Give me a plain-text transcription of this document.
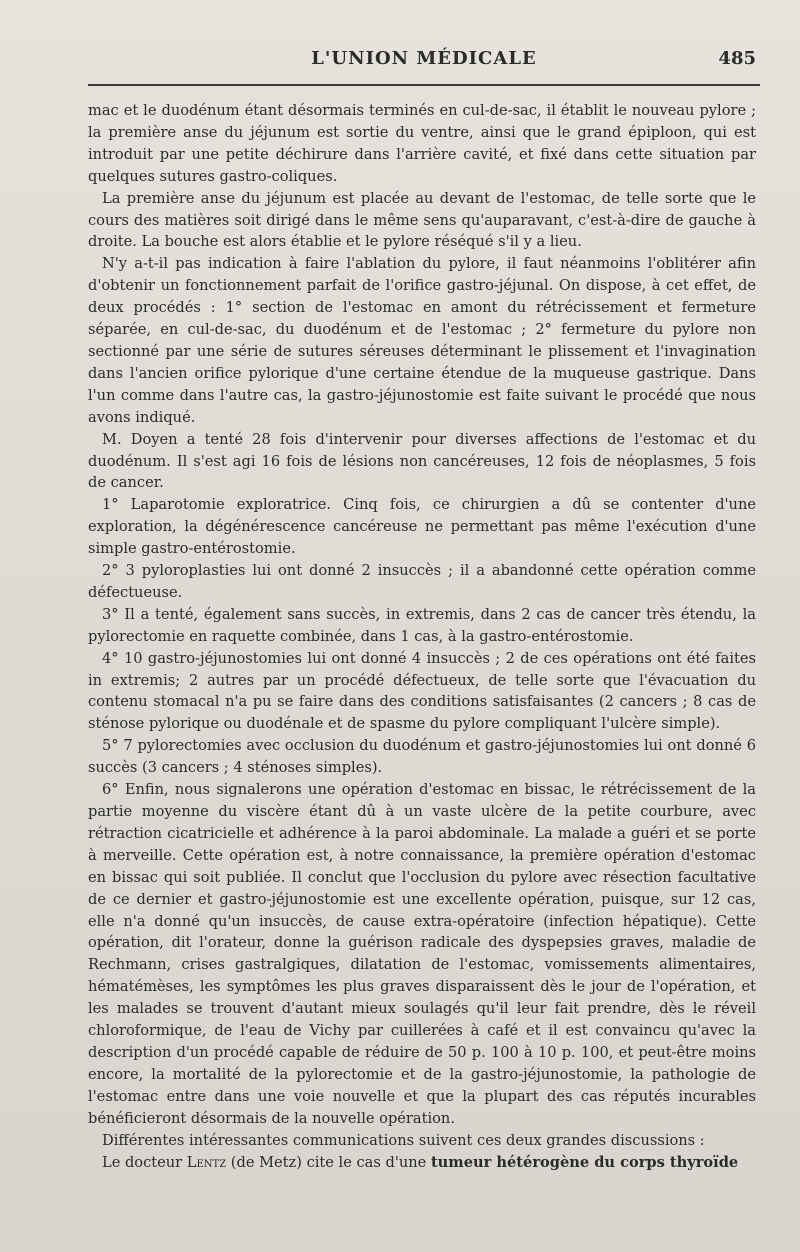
L'UNION MÉDICALE	485

mac et le duodénum étant désormais terminés en cul-de-sac, il établit le nouveau pylore ; la première anse du jéjunum est sortie du ventre, ainsi que le grand épiploon, qui est introduit par une petite déchirure dans l'arrière cavité, et fixé dans cette situation par quelques sutures gastro-coliques.

La première anse du jéjunum est placée au devant de l'estomac, de telle sorte que le cours des matières soit dirigé dans le même sens qu'auparavant, c'est-à-dire de gauche à droite. La bouche est alors établie et le pylore réséqué s'il y a lieu.

N'y a-t-il pas indication à faire l'ablation du pylore, il faut néanmoins l'oblitérer afin d'obtenir un fonctionnement parfait de l'orifice gastro-jéjunal. On dispose, à cet effet, de deux procédés : 1° section de l'estomac en amont du rétrécissement et fermeture séparée, en cul-de-sac, du duodénum et de l'estomac ; 2° fermeture du pylore non sectionné par une série de sutures séreuses déterminant le plissement et l'invagination dans l'ancien orifice pylorique d'une certaine étendue de la muqueuse gastrique. Dans l'un comme dans l'autre cas, la gastro-jéjunostomie est faite suivant le procédé que nous avons indiqué.

M. Doyen a tenté 28 fois d'intervenir pour diverses affections de l'estomac et du duodénum. Il s'est agi 16 fois de lésions non cancéreuses, 12 fois de néoplasmes, 5 fois de cancer.

1° Laparotomie exploratrice. Cinq fois, ce chirurgien a dû se contenter d'une exploration, la dégénérescence cancéreuse ne permettant pas même l'exécution d'une simple gastro-entérostomie.

2° 3 pyloroplasties lui ont donné 2 insuccès ; il a abandonné cette opération comme défectueuse.

3° Il a tenté, également sans succès, in extremis, dans 2 cas de cancer très étendu, la pylorectomie en raquette combinée, dans 1 cas, à la gastro-entérostomie.

4° 10 gastro-jéjunostomies lui ont donné 4 insuccès ; 2 de ces opérations ont été faites in extremis; 2 autres par un procédé défectueux, de telle sorte que l'évacuation du contenu stomacal n'a pu se faire dans des conditions satisfaisantes (2 cancers ; 8 cas de sténose pylorique ou duodénale et de spasme du pylore compliquant l'ulcère simple).

5° 7 pylorectomies avec occlusion du duodénum et gastro-jéjunostomies lui ont donné 6 succès (3 cancers ; 4 sténoses simples).

6° Enfin, nous signalerons une opération d'estomac en bissac, le rétrécissement de la partie moyenne du viscère étant dû à un vaste ulcère de la petite courbure, avec rétraction cicatricielle et adhérence à la paroi abdominale. La malade a guéri et se porte à merveille. Cette opération est, à notre connaissance, la première opération d'estomac en bissac qui soit publiée. Il conclut que l'occlusion du pylore avec résection facultative de ce dernier et gastro-jéjunostomie est une excellente opération, puisque, sur 12 cas, elle n'a donné qu'un insuccès, de cause extra-opératoire (infection hépatique). Cette opération, dit l'orateur, donne la guérison radicale des dyspepsies graves, maladie de Rechmann, crises gastralgiques, dilatation de l'estomac, vomissements alimentaires, hématémèses, les symptômes les plus graves disparaissent dès le jour de l'opération, et les malades se trouvent d'autant mieux soulagés qu'il leur fait prendre, dès le réveil chloroformique, de l'eau de Vichy par cuillerées à café et il est convaincu qu'avec la description d'un procédé capable de réduire de 50 p. 100 à 10 p. 100, et peut-être moins encore, la mortalité de la pylorectomie et de la gastro-jéjunostomie, la pathologie de l'estomac entre dans une voie nouvelle et que la plupart des cas réputés incurables bénéficieront désormais de la nouvelle opération.

Différentes intéressantes communications suivent ces deux grandes discussions :

Le docteur Lentz (de Metz) cite le cas d'une tumeur hétérogène du corps thyroïde
